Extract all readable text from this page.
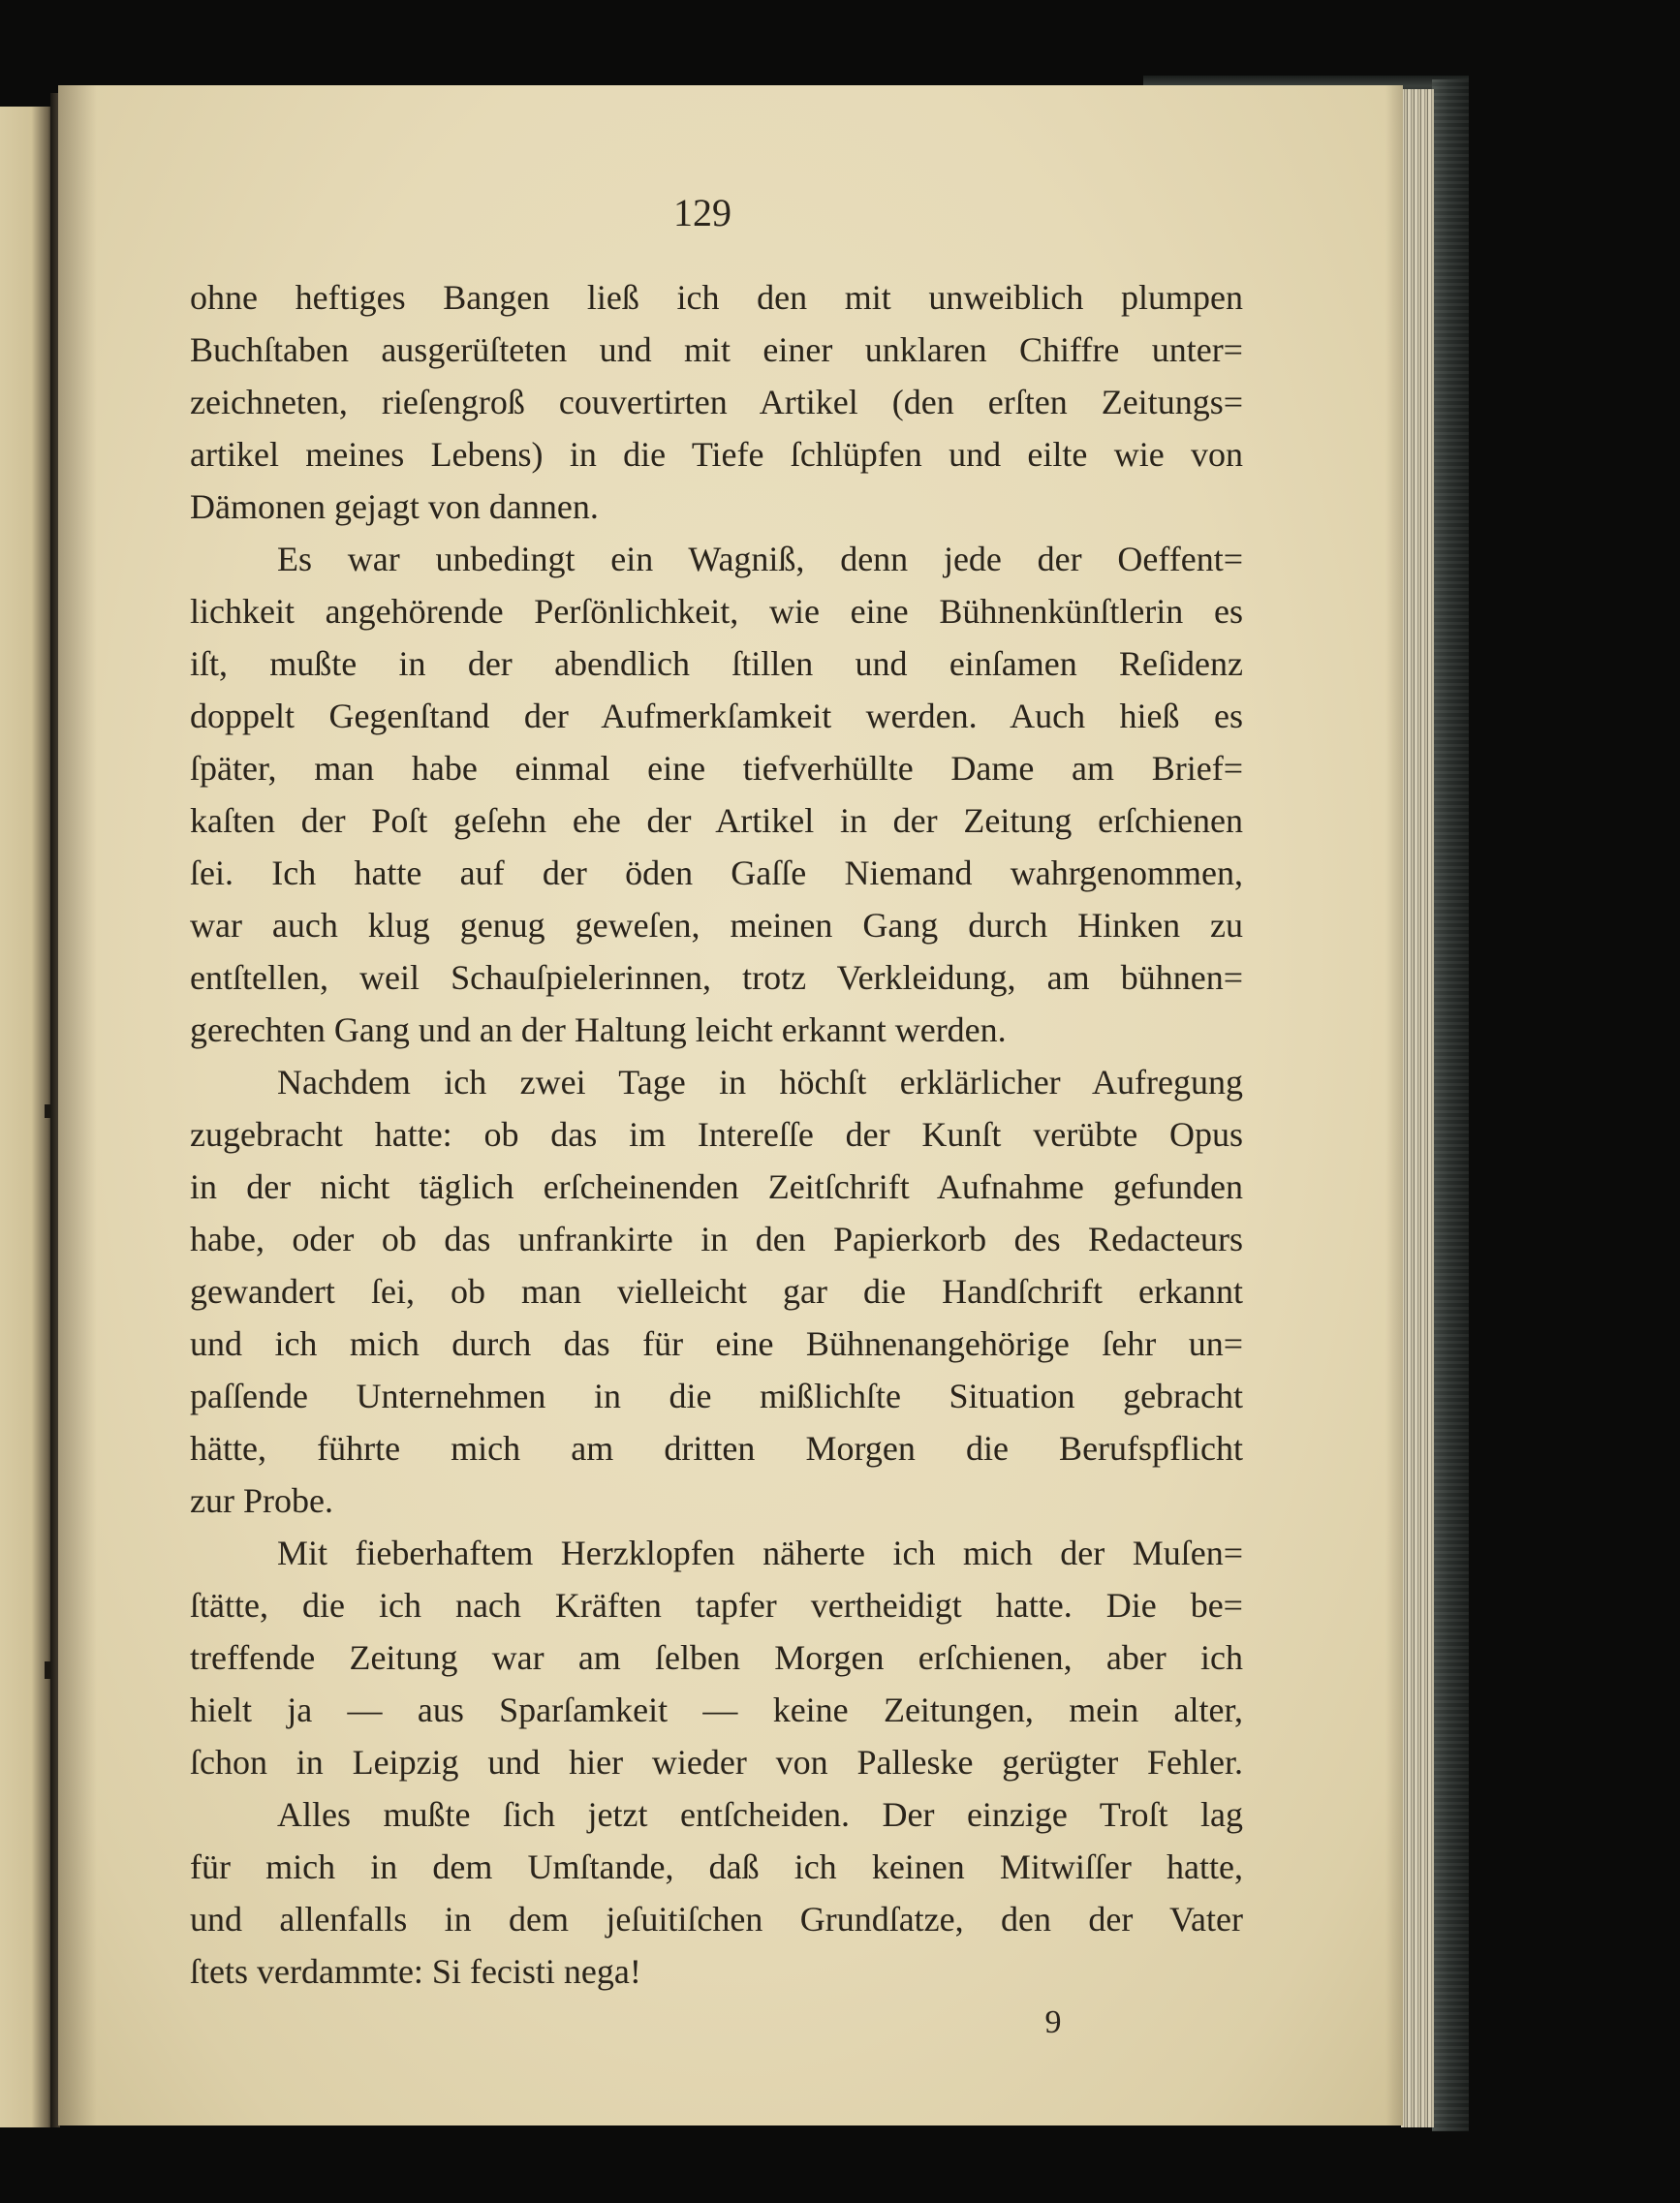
129
ohne heftiges Bangen ließ ich den mit unweiblich plumpen
Buchſtaben ausgerüſteten und mit einer unklaren Chiffre unter=
zeichneten, rieſengroß couvertirten Artikel (den erſten Zeitungs=
artikel meines Lebens) in die Tiefe ſchlüpfen und eilte wie von
Dämonen gejagt von dannen.
Es war unbedingt ein Wagniß, denn jede der Oeffent=
lichkeit angehörende Perſönlichkeit, wie eine Bühnenkünſtlerin es
iſt, mußte in der abendlich ſtillen und einſamen Reſidenz
doppelt Gegenſtand der Aufmerkſamkeit werden. Auch hieß es
ſpäter, man habe einmal eine tiefverhüllte Dame am Brief=
kaſten der Poſt geſehn ehe der Artikel in der Zeitung erſchienen
ſei. Ich hatte auf der öden Gaſſe Niemand wahrgenommen,
war auch klug genug geweſen, meinen Gang durch Hinken zu
entſtellen, weil Schauſpielerinnen, trotz Verkleidung, am bühnen=
gerechten Gang und an der Haltung leicht erkannt werden.
Nachdem ich zwei Tage in höchſt erklärlicher Aufregung
zugebracht hatte: ob das im Intereſſe der Kunſt verübte Opus
in der nicht täglich erſcheinenden Zeitſchrift Aufnahme gefunden
habe, oder ob das unfrankirte in den Papierkorb des Redacteurs
gewandert ſei, ob man vielleicht gar die Handſchrift erkannt
und ich mich durch das für eine Bühnenangehörige ſehr un=
paſſende Unternehmen in die mißlichſte Situation gebracht
hätte, führte mich am dritten Morgen die Berufspflicht
zur Probe.
Mit fieberhaftem Herzklopfen näherte ich mich der Muſen=
ſtätte, die ich nach Kräften tapfer vertheidigt hatte. Die be=
treffende Zeitung war am ſelben Morgen erſchienen, aber ich
hielt ja — aus Sparſamkeit — keine Zeitungen, mein alter,
ſchon in Leipzig und hier wieder von Palleske gerügter Fehler.
Alles mußte ſich jetzt entſcheiden. Der einzige Troſt lag
für mich in dem Umſtande, daß ich keinen Mitwiſſer hatte,
und allenfalls in dem jeſuitiſchen Grundſatze, den der Vater
ſtets verdammte: Si fecisti nega!
9
